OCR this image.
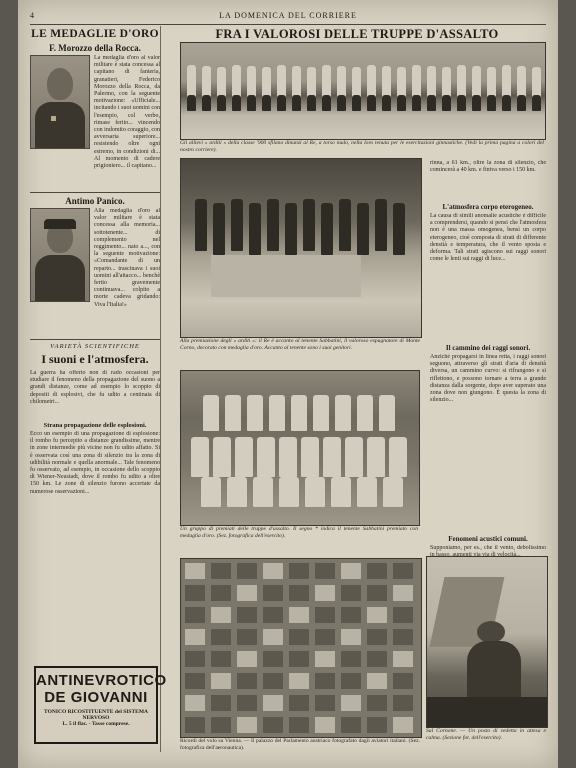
4	LA DOMENICA DEL CORRIERE
LE MEDAGLIE D'ORO
F. Morozzo della Rocca.
La medaglia d'oro al valor militare è stata concessa al capitano di fanteria, granatieri, Federico Morozzo della Rocca, da Palermo, con la seguente motivazione: «Ufficiale... incitando i suoi uomini con l'esempio, col verbo, rimase ferito... vincendo con indomito coraggio, con avversaria superiore... resistendo oltre ogni estremo, in condizioni di... Al momento di cadere prigioniero... il capitano...
Antimo Panico.
Alla medaglia d'oro al valor militare è stata concessa alla memoria... sottotenente... di complemento nel reggimento... nato a..., con la seguente motivazione: «Comandante di un reparto... trascinava i suoi uomini all'attacco... benchè ferito gravemente continuava... colpito a morte cadeva gridando: Viva l'Italia!»
VARIETÀ SCIENTIFICHE
I suoni e l'atmosfera.
La guerra ha offerto non di rado occasioni per studiare il fenomeno della propagazione del suono a grandi distanze, come ad esempio lo scoppio di depositi di esplosivi, che fu udito a centinaia di chilometri...
Strana propagazione delle esplosioni.
Ecco un esempio di una propagazione di esplosione: il rombo fu percepito a distanze grandissime, mentre in zone intermedie più vicine non fu udito affatto. Si è osservata così una zona di silenzio tra la zona di udibilità normale e quella anormale... Tale fenomeno fu osservato, ad esempio, in occasione dello scoppio di Wiener-Neustadt, dove il rombo fu udito a oltre 150 km. Le zone di silenzio furono accertate da numerose osservazioni...
ANTINEVROTICO
DE GIOVANNI
TONICO RICOSTITUENTE del SISTEMA NERVOSO
L. 5 il flac. - Tasse comprese.
FRA I VALOROSI DELLE TRUPPE D'ASSALTO
Gli allievi « arditi » della classe '900 sfilano dinanzi al Re, a torso nudo, nella loro tenuta per le esercitazioni ginnastiche. (Vedi la prima pagina a colori del nostro corriere).
Alla premiazione degli « arditi »: il Re è accanto al tenente Sabbatini, il valoroso espugnatore di Monte Corno, decorato con medaglia d'oro. Accanto al tenente sono i suoi genitori.
Un gruppo di premiati delle truppe d'assalto. Il segno * indica il tenente Sabbatini premiato con medaglia d'oro. (Sez. fotografica dell'esercito).
Ricordi del volo su Vienna. — Il palazzo del Parlamento austriaco fotografato dagli aviatori italiani. (Sez. fotografica dell'aeronautica).
Sul Cornone. — Un posto di vedetta in attesa e calma. (Sezione fot. dell'esercito).
rinna, a 61 km., oltre la zona di silenzio, che comincerà a 40 km. e finiva verso i 150 km.
L'atmosfera corpo eterogeneo.
La causa di simili anomalie acustiche è difficile a comprendersi, quando si pensi che l'atmosfera non è una massa omogenea, bensì un corpo eterogeneo, cioè composta di strati di differente densità e temperatura, che il vento sposta e deforma. Tali strati agiscono sui raggi sonori come le lenti sui raggi di luce...
Il cammino dei raggi sonori.
Anzichè propagarsi in linea retta, i raggi sonori seguono, attraverso gli strati d'aria di densità diversa, un cammino curvo: si rifrangono e si riflettono, e possono tornare a terra a grande distanza dalla sorgente, dopo aver superato una zona dove non giungono. È questa la zona di silenzio...
Fenomeni acustici comuni.
Supponiamo, per es., che il vento, debolissimo in basso, aumenti via via di velocità...
